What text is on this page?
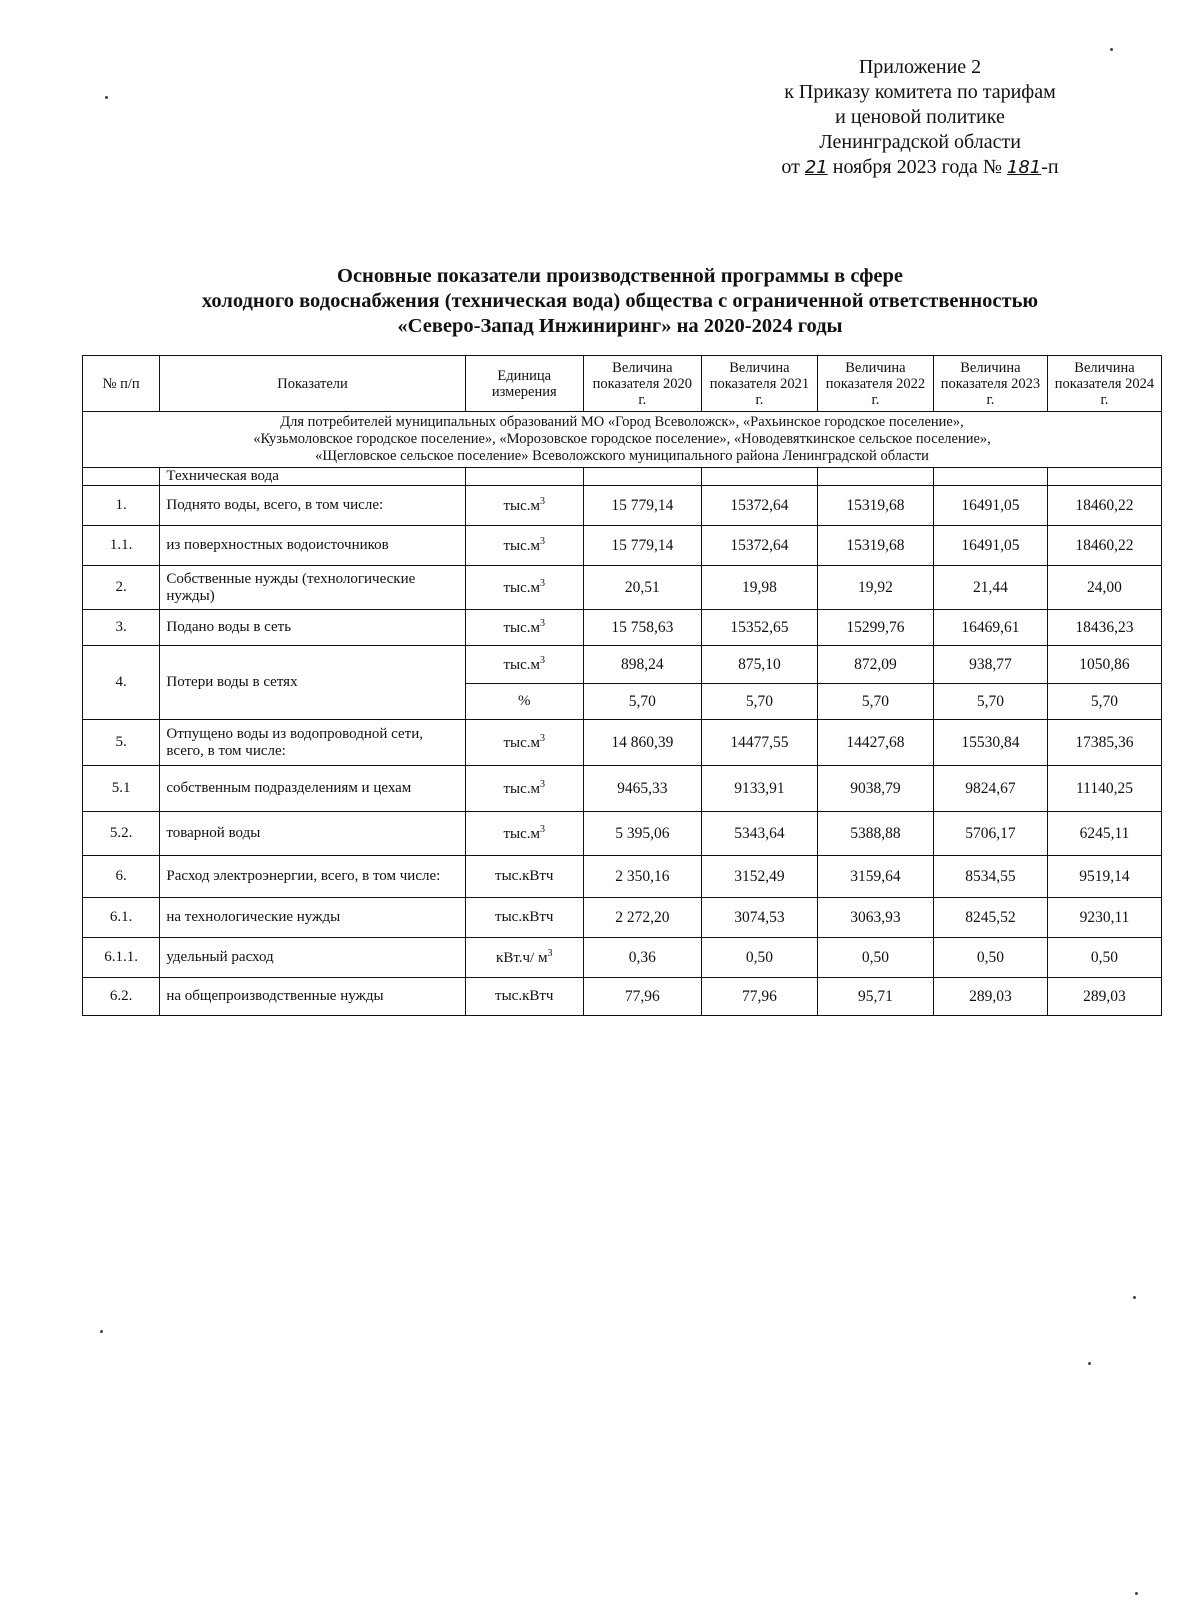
Приложение 2
к Приказу комитета по тарифам
и ценовой политике
Ленинградской области
от 21 ноября 2023 года № 181-п
Основные показатели производственной программы в сфере
холодного водоснабжения (техническая вода) общества с ограниченной ответственностью
«Северо-Запад Инжиниринг» на 2020-2024 годы
№ п/п	Показатели	Единица измерения	Величина показателя 2020 г.	Величина показателя 2021 г.	Величина показателя 2022 г.	Величина показателя 2023 г.	Величина показателя 2024 г.

Для потребителей муниципальных образований МО «Город Всеволожск», «Рахьинское городское поселение»,
«Кузьмоловское городское поселение», «Морозовское городское поселение», «Новодевяткинское сельское поселение»,
«Щегловское сельское поселение» Всеволожского муниципального района Ленинградской области							

	Техническая вода						
1.	Поднято воды, всего, в том числе:	$тыс.м^3$	15 779,14	15372,64	15319,68	16491,05	18460,22
1.1.	из поверхностных водоисточников	$тыс.м^3$	15 779,14	15372,64	15319,68	16491,05	18460,22
2.	Собственные нужды (технологические нужды)	$тыс.м^3$	20,51	19,98	19,92	21,44	24,00
3.	Подано воды в сеть	$тыс.м^3$	15 758,63	15352,65	15299,76	16469,61	18436,23
4.	Потери воды в сетях	$тыс.м^3$	898,24	875,10	872,09	938,77	1050,86
		%	5,70	5,70	5,70	5,70	5,70
5.	Отпущено воды из водопроводной сети, всего, в том числе:	$тыс.м^3$	14 860,39	14477,55	14427,68	15530,84	17385,36
5.1	собственным подразделениям и цехам	$тыс.м^3$	9465,33	9133,91	9038,79	9824,67	11140,25
5.2.	товарной воды	$тыс.м^3$	5 395,06	5343,64	5388,88	5706,17	6245,11
6.	Расход электроэнергии, всего, в том числе:	тыс.кВтч	2 350,16	3152,49	3159,64	8534,55	9519,14
6.1.	на технологические нужды	тыс.кВтч	2 272,20	3074,53	3063,93	8245,52	9230,11
6.1.1.	удельный расход	кВт.ч/ $м^3$	0,36	0,50	0,50	0,50	0,50
6.2.	на общепроизводственные нужды	тыс.кВтч	77,96	77,96	95,71	289,03	289,03
